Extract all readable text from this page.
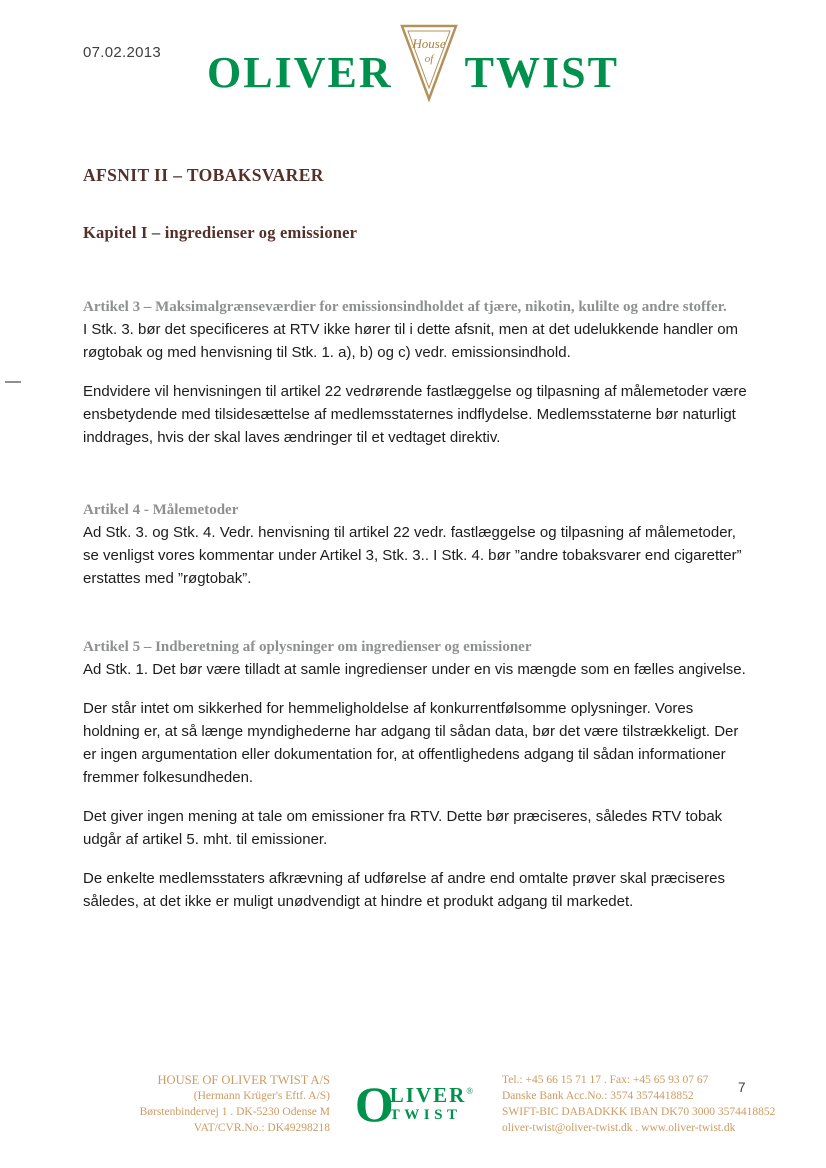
07.02.2013 OLIVER
House
of TWIST
AFSNIT II – TOBAKSVARER
Kapitel I – ingredienser og emissioner
Artikel 3 – Maksimalgrænseværdier for emissionsindholdet af tjære, nikotin, kulilte og andre stoffer.

I Stk. 3. bør det specificeres at RTV ikke hører til i dette afsnit, men at det udelukkende handler om røgtobak og med henvisning til Stk. 1. a), b) og c) vedr. emissionsindhold.

Endvidere vil henvisningen til artikel 22 vedrørende fastlæggelse og tilpasning af målemetoder være ensbetydende med tilsidesættelse af medlemsstaternes indflydelse. Medlemsstaterne bør naturligt inddrages, hvis der skal laves ændringer til et vedtaget direktiv.

Artikel 4 - Målemetoder

Ad Stk. 3. og Stk. 4. Vedr. henvisning til artikel 22 vedr. fastlæggelse og tilpasning af målemetoder, se venligst vores kommentar under Artikel 3, Stk. 3.. I Stk. 4. bør ”andre tobaksvarer end cigaretter” erstattes med ”røgtobak”.

Artikel 5 – Indberetning af oplysninger om ingredienser og emissioner

Ad Stk. 1. Det bør være tilladt at samle ingredienser under en vis mængde som en fælles angivelse.

Der står intet om sikkerhed for hemmeligholdelse af konkurrentfølsomme oplysninger. Vores holdning er, at så længe myndighederne har adgang til sådan data, bør det være tilstrækkeligt. Der er ingen argumentation eller dokumentation for, at offentlighedens adgang til sådan informationer fremmer folkesundheden.

Det giver ingen mening at tale om emissioner fra RTV. Dette bør præciseres, således RTV tobak udgår af artikel 5. mht. til emissioner.

De enkelte medlemsstaters afkrævning af udførelse af andre end omtalte prøver skal præciseres således, at det ikke er muligt unødvendigt at hindre et produkt adgang til markedet.

HOUSE OF OLIVER TWIST A/S
(Hermann Krüger's Eftf. A/S)
Børstenbindervej 1 . DK-5230 Odense M
VAT/CVR.No.: DK49298218 O
LIVER®
TWIST
Tel.: +45 66 15 71 17 . Fax: +45 65 93 07 67
Danske Bank Acc.No.: 3574 3574418852
SWIFT-BIC DABADKKK IBAN DK70 3000 3574418852
oliver-twist@oliver-twist.dk . www.oliver-twist.dk
7
